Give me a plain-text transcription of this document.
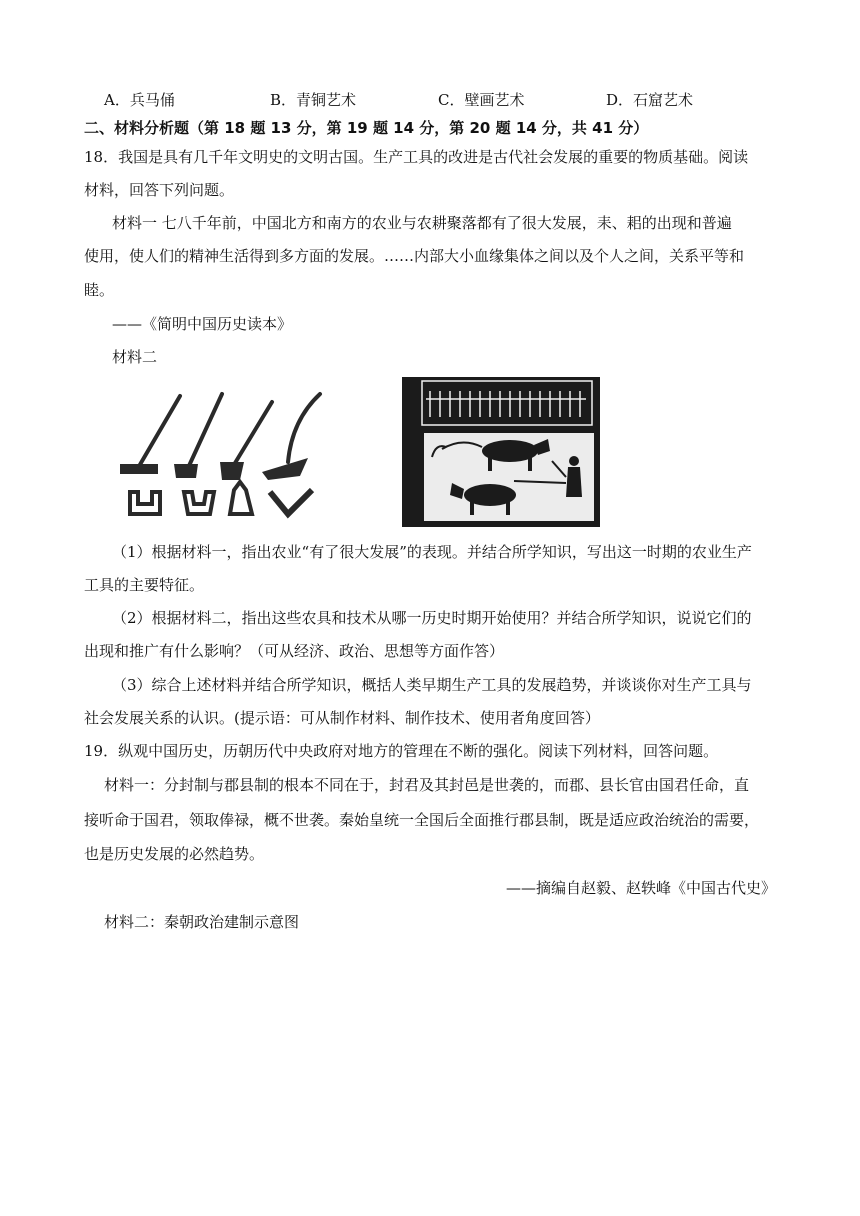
A．兵马俑	B．青铜艺术	C．壁画艺术	D．石窟艺术
二、材料分析题（第 18 题 13 分，第 19 题 14 分，第 20 题 14 分，共 41 分）
18．我国是具有几千年文明史的文明古国。生产工具的改进是古代社会发展的重要的物质基础。阅读
材料，回答下列问题。
材料一 七八千年前，中国北方和南方的农业与农耕聚落都有了很大发展，耒、耜的出现和普遍
使用，使人们的精神生活得到多方面的发展。……内部大小血缘集体之间以及个人之间，关系平等和
睦。
——《简明中国历史读本》
材料二
（1）根据材料一，指出农业“有了很大发展”的表现。并结合所学知识，写出这一时期的农业生产
工具的主要特征。
（2）根据材料二，指出这些农具和技术从哪一历史时期开始使用？并结合所学知识，说说它们的
出现和推广有什么影响？（可从经济、政治、思想等方面作答）
（3）综合上述材料并结合所学知识，概括人类早期生产工具的发展趋势，并谈谈你对生产工具与
社会发展关系的认识。(提示语：可从制作材料、制作技术、使用者角度回答）
19．纵观中国历史，历朝历代中央政府对地方的管理在不断的强化。阅读下列材料，回答问题。
材料一：分封制与郡县制的根本不同在于，封君及其封邑是世袭的，而郡、县长官由国君任命，直
接听命于国君，领取俸禄，概不世袭。秦始皇统一全国后全面推行郡县制，既是适应政治统治的需要，
也是历史发展的必然趋势。
——摘编自赵毅、赵轶峰《中国古代史》
材料二：秦朝政治建制示意图
